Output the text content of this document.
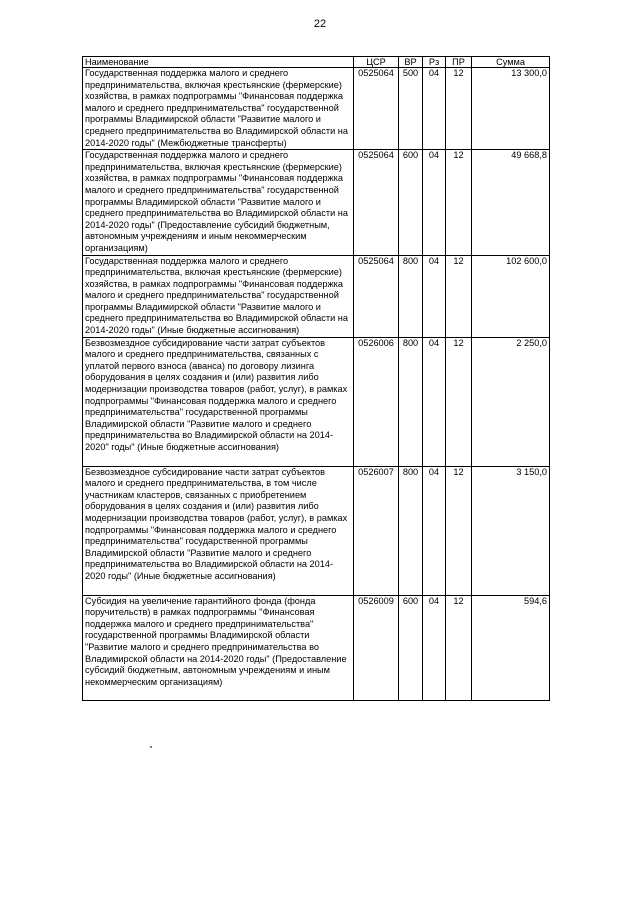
22
Наименование	ЦСР	ВР	Рз	ПР	Сумма
Государственная поддержка малого и среднего предпринимательства, включая крестьянские (фермерские) хозяйства, в рамках подпрограммы "Финансовая поддержка малого и среднего предпринимательства" государственной программы Владимирской области "Развитие малого и среднего предпринимательства во Владимирской области на 2014-2020 годы" (Межбюджетные трансферты)	0525064	500	04	12	13 300,0
Государственная поддержка малого и среднего предпринимательства, включая крестьянские (фермерские) хозяйства, в рамках подпрограммы "Финансовая поддержка малого и среднего предпринимательства" государственной программы Владимирской области "Развитие малого и среднего предпринимательства во Владимирской области на 2014-2020 годы" (Предоставление субсидий бюджетным, автономным учреждениям и иным некоммерческим организациям)	0525064	600	04	12	49 668,8
Государственная поддержка малого и среднего предпринимательства, включая крестьянские (фермерские) хозяйства, в рамках подпрограммы "Финансовая поддержка малого и среднего предпринимательства" государственной программы Владимирской области "Развитие малого и среднего предпринимательства во Владимирской области на 2014-2020 годы" (Иные бюджетные ассигнования)	0525064	800	04	12	102 600,0
Безвозмездное субсидирование части затрат субъектов малого и среднего предпринимательства, связанных с уплатой первого взноса (аванса) по договору лизинга оборудования в целях создания и (или) развития либо модернизации производства товаров (работ, услуг), в рамках подпрограммы "Финансовая поддержка малого и среднего предпринимательства" государственной программы Владимирской области "Развитие малого и среднего предпринимательства во Владимирской области на 2014-2020" годы" (Иные бюджетные ассигнования)	0526006	800	04	12	2 250,0
Безвозмездное субсидирование части затрат субъектов малого и среднего предпринимательства, в том числе участникам кластеров, связанных с приобретением оборудования в целях создания и (или) развития либо модернизации производства товаров (работ, услуг), в рамках подпрограммы "Финансовая поддержка малого и среднего предпринимательства" государственной программы Владимирской области "Развитие малого и среднего предпринимательства во Владимирской области на 2014-2020 годы" (Иные бюджетные ассигнования)	0526007	800	04	12	3 150,0
Субсидия на увеличение гарантийного фонда (фонда поручительств) в рамках подпрограммы "Финансовая поддержка малого и среднего предпринимательства" государственной программы Владимирской области "Развитие малого и среднего предпринимательства во Владимирской области на 2014-2020 годы" (Предоставление субсидий бюджетным, автономным учреждениям и иным некоммерческим организациям)	0526009	600	04	12	594,6
